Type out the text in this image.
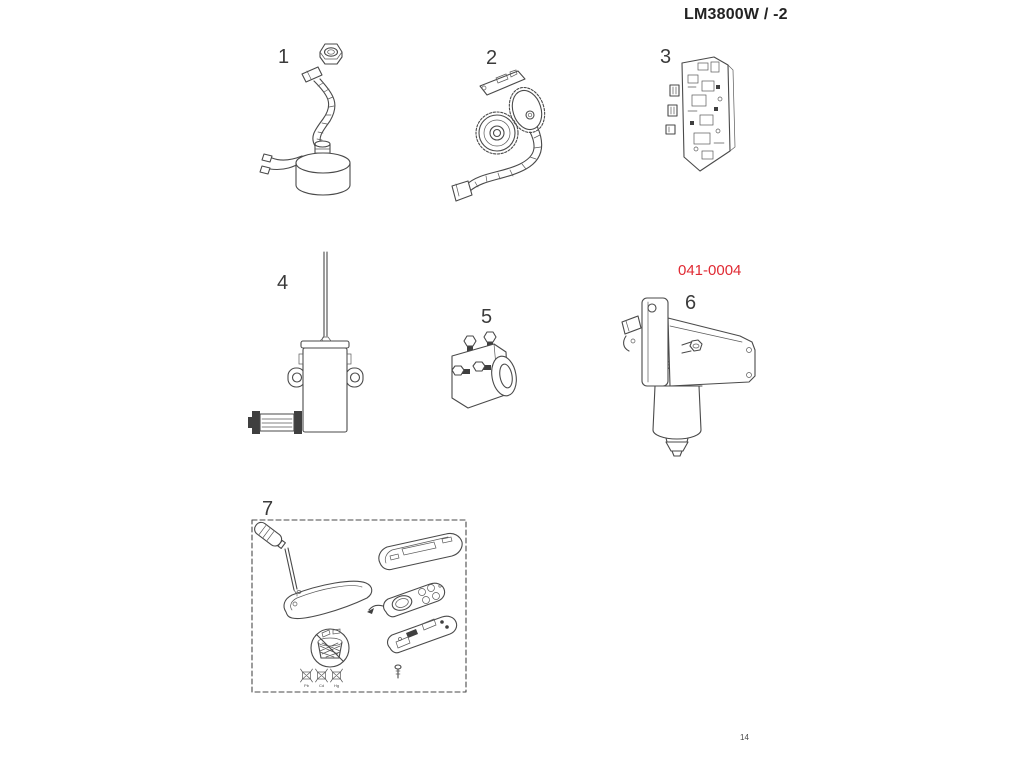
LM3800W / -2
1	2	3
4
5
041-0004
6
7
Pb Cd Hg
14
